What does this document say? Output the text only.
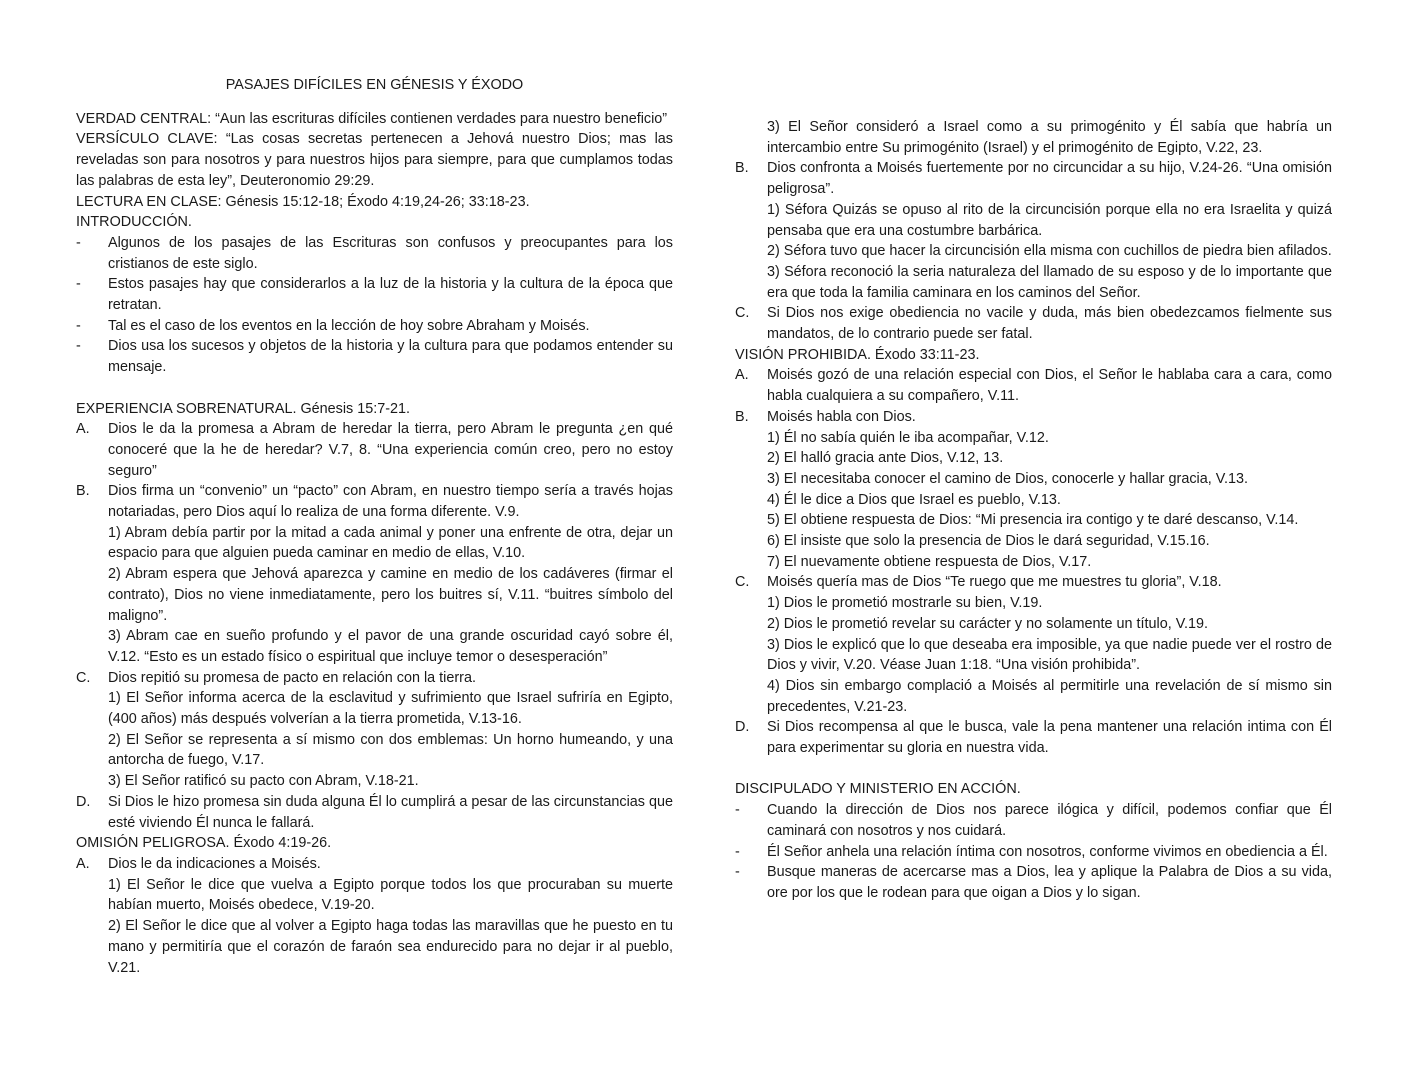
PASAJES DIFÍCILES EN GÉNESIS Y ÉXODO
VERDAD CENTRAL: “Aun las escrituras difíciles contienen verdades para nuestro beneficio”
VERSÍCULO CLAVE: “Las cosas secretas pertenecen a Jehová nuestro Dios; mas las reveladas son para nosotros y para nuestros hijos para siempre, para que cumplamos todas las palabras de esta ley”, Deuteronomio 29:29.
LECTURA EN CLASE: Génesis 15:12-18; Éxodo 4:19,24-26; 33:18-23.
INTRODUCCIÓN.
-	Algunos de los pasajes de las Escrituras son confusos y preocupantes para los cristianos de este siglo.
-	Estos pasajes hay que considerarlos a la luz de la historia y la cultura de la época que retratan.
-	Tal es el caso de los eventos en la lección de hoy sobre Abraham y Moisés.
-	Dios usa los sucesos y objetos de la historia y la cultura para que podamos entender su mensaje.
EXPERIENCIA SOBRENATURAL. Génesis 15:7-21.
A.	Dios le da la promesa a Abram de heredar la tierra, pero Abram le pregunta ¿en qué conoceré que la he de heredar? V.7, 8. “Una experiencia común creo, pero no estoy seguro”
B.	Dios firma un “convenio” un “pacto” con Abram, en nuestro tiempo sería a través hojas notariadas, pero Dios aquí lo realiza de una forma diferente. V.9.
1) Abram debía partir por la mitad a cada animal y poner una enfrente de otra, dejar un espacio para que alguien pueda caminar en medio de ellas, V.10.
2) Abram espera que Jehová aparezca y camine en medio de los cadáveres (firmar el contrato), Dios no viene inmediatamente, pero los buitres sí, V.11. “buitres símbolo del maligno”.
3) Abram cae en sueño profundo y el pavor de una grande oscuridad cayó sobre él, V.12. “Esto es un estado físico o espiritual que incluye temor o desesperación”
C.	Dios repitió su promesa de pacto en relación con la tierra.
1) El Señor informa acerca de la esclavitud y sufrimiento que Israel sufriría en Egipto, (400 años) más después volverían a la tierra prometida, V.13-16.
2) El Señor se representa a sí mismo con dos emblemas: Un horno humeando, y una antorcha de fuego, V.17.
3) El Señor ratificó su pacto con Abram, V.18-21.
D.	Si Dios le hizo promesa sin duda alguna Él lo cumplirá a pesar de las circunstancias que esté viviendo Él nunca le fallará.
OMISIÓN PELIGROSA. Éxodo 4:19-26.
A.	Dios le da indicaciones a Moisés.
1) El Señor le dice que vuelva a Egipto porque todos los que procuraban su muerte habían muerto, Moisés obedece, V.19-20.
2) El Señor le dice que al volver a Egipto haga todas las maravillas que he puesto en tu mano y permitiría que el corazón de faraón sea endurecido para no dejar ir al pueblo, V.21.
3) El Señor consideró a Israel como a su primogénito y Él sabía que habría un intercambio entre Su primogénito (Israel) y el primogénito de Egipto, V.22, 23.
B.	Dios confronta a Moisés fuertemente por no circuncidar a su hijo, V.24-26. “Una omisión peligrosa”.
1) Séfora Quizás se opuso al rito de la circuncisión porque ella no era Israelita y quizá pensaba que era una costumbre barbárica.
2) Séfora tuvo que hacer la circuncisión ella misma con cuchillos de piedra bien afilados.
3) Séfora reconoció la seria naturaleza del llamado de su esposo y de lo importante que era que toda la familia caminara en los caminos del Señor.
C.	Si Dios nos exige obediencia no vacile y duda, más bien obedezcamos fielmente sus mandatos, de lo contrario puede ser fatal.
VISIÓN PROHIBIDA. Éxodo 33:11-23.
A.	Moisés gozó de una relación especial con Dios, el Señor le hablaba cara a cara, como habla cualquiera a su compañero, V.11.
B.	Moisés habla con Dios.
1) Él no sabía quién le iba acompañar, V.12.
2) El halló gracia ante Dios, V.12, 13.
3) El necesitaba conocer el camino de Dios, conocerle y hallar gracia, V.13.
4) Él le dice a Dios que Israel es pueblo, V.13.
5) El obtiene respuesta de Dios: “Mi presencia ira contigo y te daré descanso, V.14.
6) El insiste que solo la presencia de Dios le dará seguridad, V.15.16.
7) El nuevamente obtiene respuesta de Dios, V.17.
C.	Moisés quería mas de Dios “Te ruego que me muestres tu gloria”, V.18.
1) Dios le prometió mostrarle su bien, V.19.
2) Dios le prometió revelar su carácter y no solamente un título, V.19.
3) Dios le explicó que lo que deseaba era imposible, ya que nadie puede ver el rostro de Dios y vivir, V.20. Véase Juan 1:18. “Una visión prohibida”.
4) Dios sin embargo complació a Moisés al permitirle una revelación de sí mismo sin precedentes, V.21-23.
D.	Si Dios recompensa al que le busca, vale la pena mantener una relación intima con Él para experimentar su gloria en nuestra vida.
DISCIPULADO Y MINISTERIO EN ACCIÓN.
-	Cuando la dirección de Dios nos parece ilógica y difícil, podemos confiar que Él caminará con nosotros y nos cuidará.
-	Él Señor anhela una relación íntima con nosotros, conforme vivimos en obediencia a Él.
-	Busque maneras de acercarse mas a Dios, lea y aplique la Palabra de Dios a su vida, ore por los que le rodean para que oigan a Dios y lo sigan.
